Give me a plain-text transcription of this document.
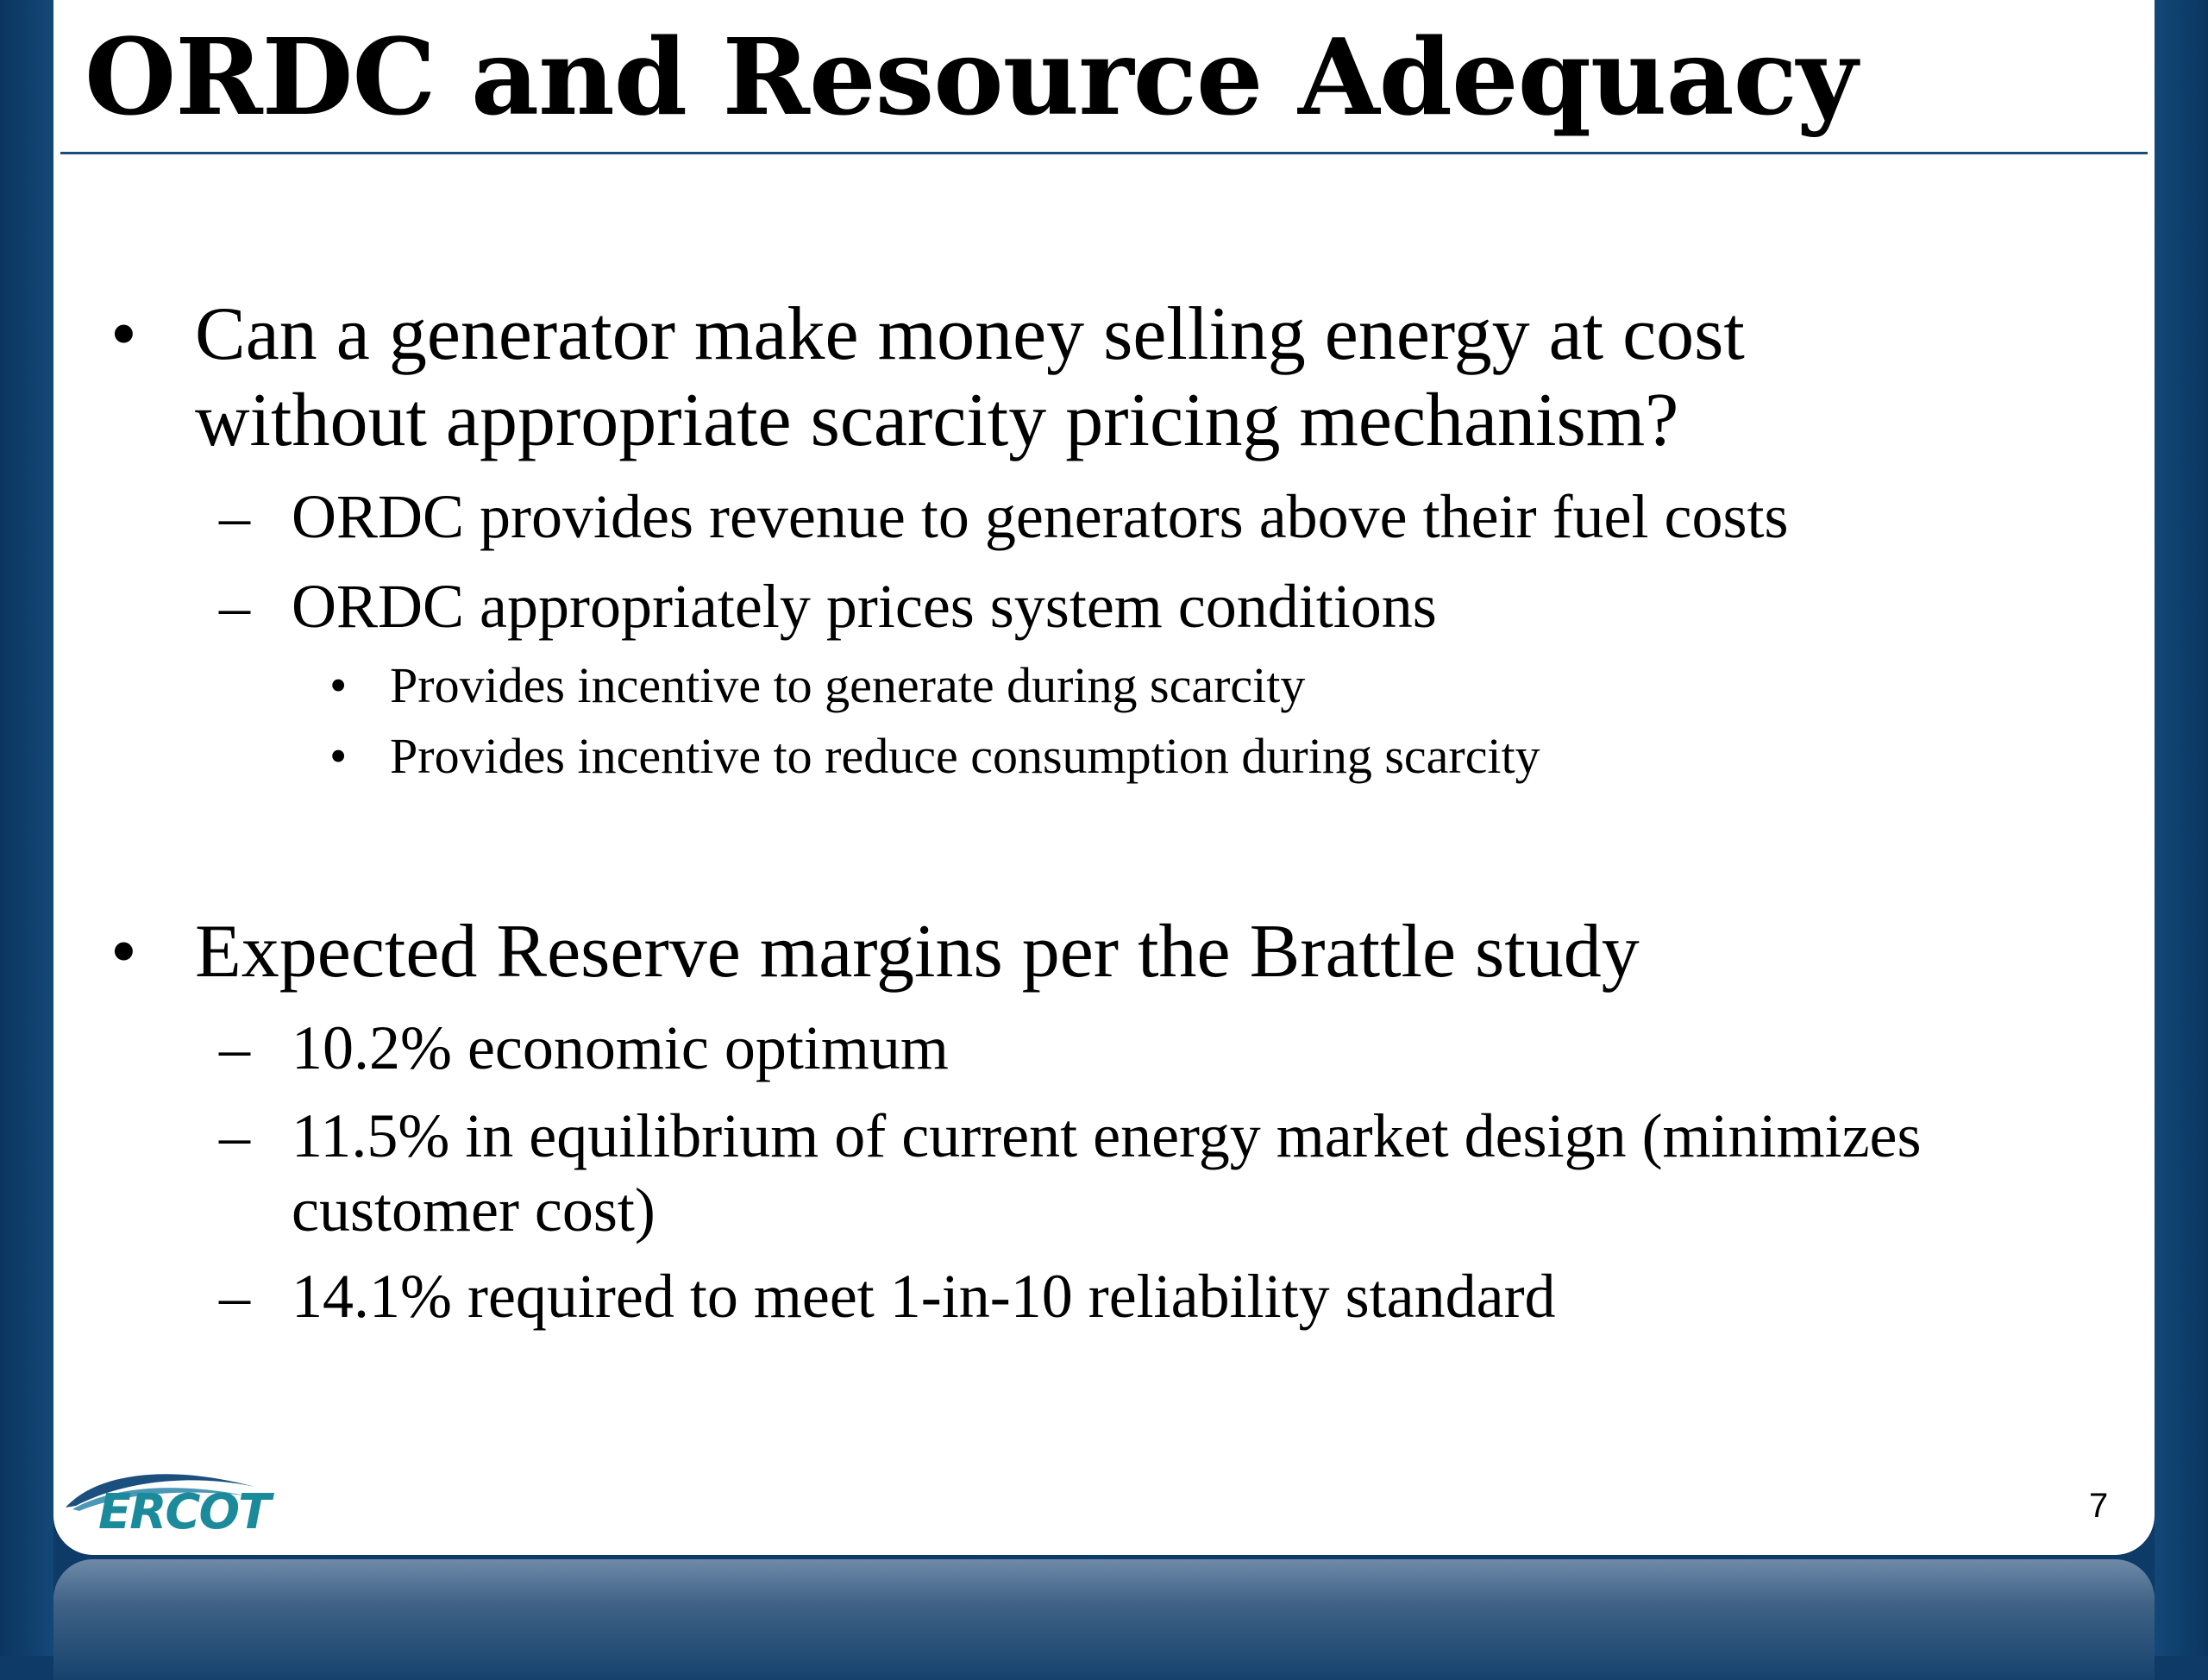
ORDC and Resource Adequacy
• Can a generator make money selling energy at cost
without appropriate scarcity pricing mechanism?
– ORDC provides revenue to generators above their fuel costs
– ORDC appropriately prices system conditions
• Provides incentive to generate during scarcity
• Provides incentive to reduce consumption during scarcity
• Expected Reserve margins per the Brattle study
– 10.2% economic optimum
– 11.5% in equilibrium of current energy market design (minimizes
customer cost)
– 14.1% required to meet 1-in-10 reliability standard
ERCOT	7
